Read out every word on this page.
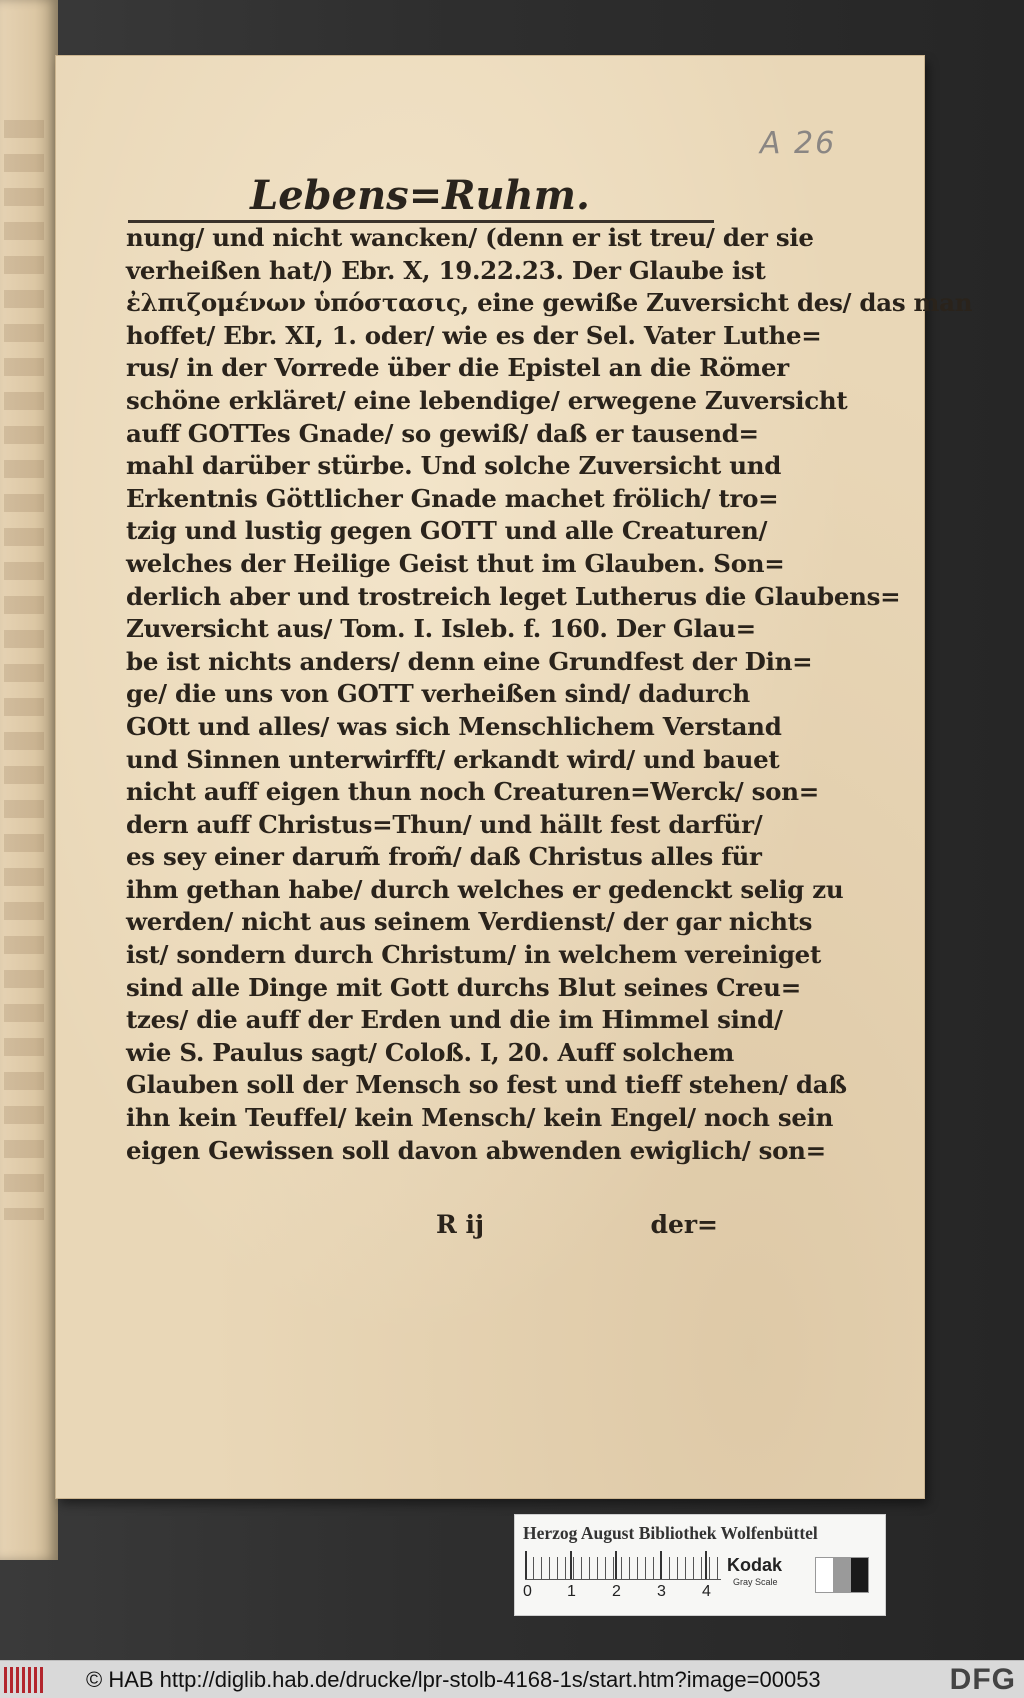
A 26
Lebens=Ruhm.
nung/ und nicht wancken/ (denn er ist treu/ der sie
verheißen hat/) Ebr. X, 19.22.23. Der Glaube ist
ἐλπιζομένων ὑπόστασις, eine gewiße Zuversicht des/ das man
hoffet/ Ebr. XI, 1. oder/ wie es der Sel. Vater Luthe=
rus/ in der Vorrede über die Epistel an die Römer
schöne erkläret/ eine lebendige/ erwegene Zuversicht
auff GOTTes Gnade/ so gewiß/ daß er tausend=
mahl darüber stürbe. Und solche Zuversicht und
Erkentnis Göttlicher Gnade machet frölich/ tro=
tzig und lustig gegen GOTT und alle Creaturen/
welches der Heilige Geist thut im Glauben. Son=
derlich aber und trostreich leget Lutherus die Glaubens=
Zuversicht aus/ Tom. I. Isleb. f. 160. Der Glau=
be ist nichts anders/ denn eine Grundfest der Din=
ge/ die uns von GOTT verheißen sind/ dadurch
GOtt und alles/ was sich Menschlichem Verstand
und Sinnen unterwirfft/ erkandt wird/ und bauet
nicht auff eigen thun noch Creaturen=Werck/ son=
dern auff Christus=Thun/ und hällt fest darfür/
es sey einer darum̃ from̃/ daß Christus alles für
ihm gethan habe/ durch welches er gedenckt selig zu
werden/ nicht aus seinem Verdienst/ der gar nichts
ist/ sondern durch Christum/ in welchem vereiniget
sind alle Dinge mit Gott durchs Blut seines Creu=
tzes/ die auff der Erden und die im Himmel sind/
wie S. Paulus sagt/ Coloß. I, 20. Auff solchem
Glauben soll der Mensch so fest und tieff stehen/ daß
ihn kein Teuffel/ kein Mensch/ kein Engel/ noch sein
eigen Gewissen soll davon abwenden ewiglich/ son=
R ij	der=
Herzog August Bibliothek Wolfenbüttel
0 1 2 3 4
Kodak
Gray Scale
© HAB http://diglib.hab.de/drucke/lpr-stolb-4168-1s/start.htm?image=00053	DFG
